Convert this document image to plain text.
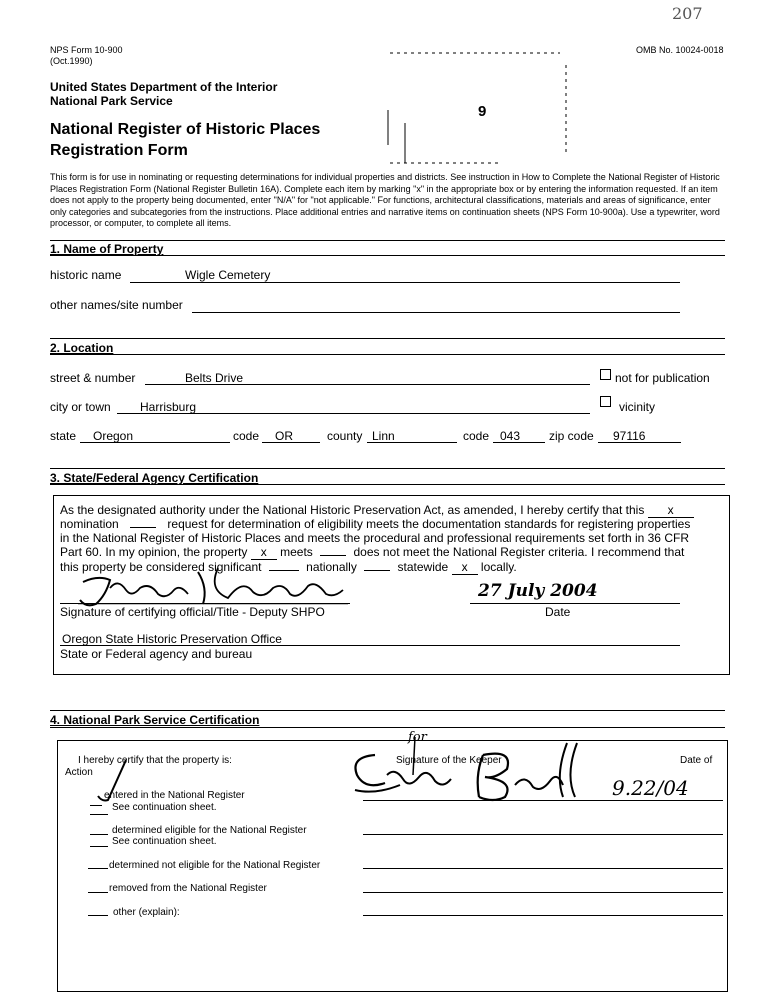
207
NPS Form 10-900
(Oct.1990)
OMB No. 10024-0018
United States Department of the Interior
National Park Service
National Register of Historic Places
Registration Form
9
This form is for use in nominating or requesting determinations for individual properties and districts. See instruction in How to Complete the National Register of Historic Places Registration Form (National Register Bulletin 16A). Complete each item by marking "x" in the appropriate box or by entering the information requested. If an item does not apply to the property being documented, enter "N/A" for "not applicable." For functions, architectural classifications, materials and areas of significance, enter only categories and subcategories from the instructions. Place additional entries and narrative items on continuation sheets (NPS Form 10-900a). Use a typewriter, word processor, or computer, to complete all items.
1. Name of Property
historic name	Wigle Cemetery
other names/site number
2. Location
street & number	Belts Drive	not for publication
city or town Harrisburg	vicinity
state Oregon	code OR	county Linn	code 043 zip code 97116
3. State/Federal Agency Certification
As the designated authority under the National Historic Preservation Act, as amended, I hereby certify that this x
nomination	request for determination of eligibility meets the documentation standards for registering properties
in the National Register of Historic Places and meets the procedural and professional requirements set forth in 36 CFR
Part 60. In my opinion, the property x meets	does not meet the National Register criteria. I recommend that
this property be considered significant	nationally	statewide x locally.
27 July 2004
Signature of certifying official/Title - Deputy SHPO	Date
Oregon State Historic Preservation Office
State or Federal agency and bureau
4. National Park Service Certification
I hereby certify that the property is:
Action
Signature of the Keeper	Date of
for
9.22/04
entered in the National Register
See continuation sheet.
determined eligible for the National Register
See continuation sheet.
determined not eligible for the National Register
removed from the National Register
other (explain):
